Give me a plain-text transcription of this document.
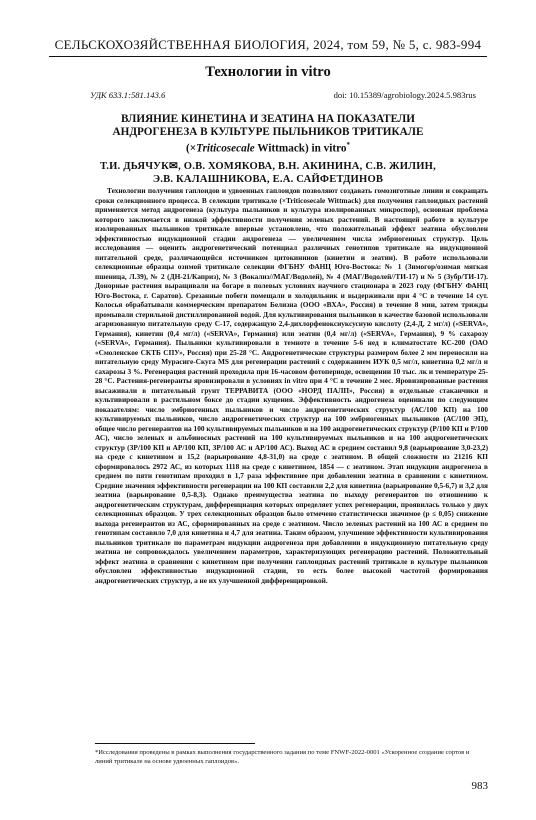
СЕЛЬСКОХОЗЯЙСТВЕННАЯ БИОЛОГИЯ, 2024, том 59, № 5, с. 983-994
Технологии in vitro
УДК 633.1:581.143.6	doi: 10.15389/agrobiology.2024.5.983rus
ВЛИЯНИЕ КИНЕТИНА И ЗЕАТИНА НА ПОКАЗАТЕЛИ
АНДРОГЕНЕЗА В КУЛЬТУРЕ ПЫЛЬНИКОВ ТРИТИКАЛЕ
(×Triticosecale Wittmack) in vitro*
Т.И. ДЬЯЧУК✉, О.В. ХОМЯКОВА, В.Н. АКИНИНА, С.В. ЖИЛИН,
Э.В. КАЛАШНИКОВА, Е.А. САЙФЕТДИНОВ
Технологии получения гаплоидов и удвоенных гаплоидов позволяют создавать гомозиготные линии и сокращать сроки селекционного процесса. В селекции тритикале (×Triticosecale Wittmack) для получения гаплоидных растений применяется метод андрогенеза (культура пыльников и культура изолированных микроспор), основная проблема которого заключается в низкой эффективности получения зеленых растений. В настоящей работе в культуре изолированных пыльников тритикале впервые установлено, что положительный эффект зеатина обусловлен эффективностью индукционной стадии андрогенеза — увеличением числа эмбриогенных структур. Цель исследования — оценить андрогенетический потенциал различных генотипов тритикале на индукционной питательной среде, различающейся источником цитокининов (кинетин и зеатин). В работе использовали селекционные образцы озимой тритикале селекции ФГБНУ ФАНЦ Юго-Востока: № 1 (Зимогор/озимая мягкая пшеница, Л.39), № 2 (ДН-21/Каприз), № 3 (Вокализ//МАГ/Водолей), № 4 (МАГ/Водолей//ТИ-17) и № 5 (Зубр/ТИ-17). Донорные растения выращивали на богаре в полевых условиях научного стационара в 2023 году (ФГБНУ ФАНЦ Юго-Востока, г. Саратов). Срезанные побеги помещали в холодильник и выдерживали при 4 °С в течение 14 сут. Колосья обрабатывали коммерческим препаратом Белизна (ООО «ВХА», Россия) в течение 8 мин, затем трижды промывали стерильной дистиллированной водой. Для культивирования пыльников в качестве базовой использовали агаризованную питательную среду С-17, содержащую 2,4-дихлорфеноксиуксусную кислоту (2,4-Д, 2 мг/л) («SERVA», Германия), кинетин (0,4 мг/л) («SERVA», Германия) или зеатин (0,4 мг/л) («SERVA», Германия), 9 % сахарозу («SERVA», Германия). Пыльники культивировали в темноте в течение 5-6 нед в климатостате КС-200 (ОАО «Смоленское СКТБ СПУ», Россия) при 25-28 °С. Андрогенетические структуры размером более 2 мм переносили на питательную среду Мурасиге-Скуга MS для регенерации растений с содержанием ИУК 0,5 мг/л, кинетина 0,2 мг/л и сахарозы 3 %. Регенерация растений проходила при 16-часовом фотопериоде, освещении 10 тыс. лк и температуре 25-28 °С. Растения-регенеранты яровизировали в условиях in vitro при 4 °С в течение 2 мес. Яровизированные растения высаживали в питательный грунт ТЕРРАВИТА (ООО «НОРД ПАЛП», Россия) в отдельные стаканчики и культивировали в растильном боксе до стадии кущения. Эффективность андрогенеза оценивали по следующим показателям: число эмбриогенных пыльников и число андрогенетических структур (АС/100 КП) на 100 культивируемых пыльников, число андрогенетических структур на 100 эмбриогенных пыльников (АС/100 ЭП), общее число регенерантов на 100 культивируемых пыльников и на 100 андрогенетических структур (Р/100 КП и Р/100 АС), число зеленых и альбиносных растений на 100 культивируемых пыльников и на 100 андрогенетических структур (ЗР/100 КП и АР/100 КП, ЗР/100 АС и АР/100 АС). Выход АС в среднем составил 9,8 (варьирование 3,0-23,2) на среде с кинетином и 15,2 (варьирование 4,8-31,0) на среде с зеатином. В общей сложности из 21216 КП сформировалось 2972 АС, из которых 1118 на среде с кинетином, 1854 — с зеатином. Этап индукции андрогенеза в среднем по пяти генотипам проходил в 1,7 раза эффективнее при добавлении зеатина в сравнении с кинетином. Средние значения эффективности регенерации на 100 КП составили 2,2 для кинетина (варьирование 0,5-6,7) и 3,2 для зеатина (варьирование 0,5-8,3). Однако преимущества зеатина по выходу регенерантов по отношению к андрогенетическим структурам, дифференциация которых определяет успех регенерации, проявилась только у двух селекционных образцов. У трех селекционных образцов было отмечено статистически значимое (p ≤ 0,05) снижение выхода регенерантов из АС, сформированных на среде с зеатином. Число зеленых растений на 100 АС в среднем по генотипам составило 7,0 для кинетина и 4,7 для зеатина. Таким образом, улучшение эффективности культивирования пыльников тритикале по параметрам индукции андрогенеза при добавлении в индукционную питательную среду зеатина не сопровождалось увеличением параметров, характеризующих регенерацию растений. Положительный эффект зеатина в сравнении с кинетином при получении гаплоидных растений тритикале в культуре пыльников обусловлен эффективностью индукционной стадии, то есть более высокой частотой формирования андрогенетических структур, а не их улучшенной дифференцировкой.
*Исследования проведены в рамках выполнения государственного задания по теме FNWF-2022-0001 «Ускоренное создание сортов и линий тритикале на основе удвоенных гаплоидов».
983
